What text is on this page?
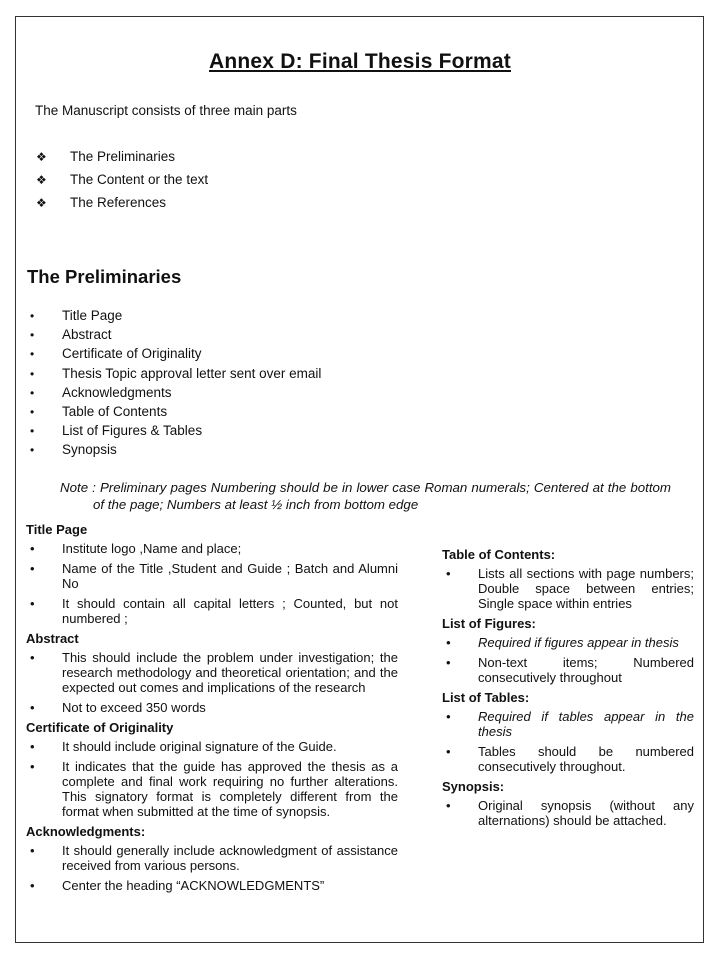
Annex D: Final Thesis Format
The Manuscript consists of three main parts
❖ The Preliminaries
❖ The Content or the text
❖ The References
The Preliminaries
• Title Page
• Abstract
• Certificate of Originality
• Thesis Topic approval letter sent over email
• Acknowledgments
• Table of Contents
• List of Figures & Tables
• Synopsis
Note : Preliminary pages Numbering should be in lower case Roman numerals; Centered at the bottom of the page; Numbers at least ½ inch from bottom edge
Title Page
• Institute logo ,Name and place;
• Name of the Title ,Student and Guide ; Batch and Alumni No
• It should contain all capital letters ; Counted, but not numbered ;
Abstract
• This should include the problem under investigation; the research methodology and theoretical orientation; and the expected out comes and implications of the research
• Not to exceed 350 words
Certificate of Originality
• It should include original signature of the Guide.
• It indicates that the guide has approved the thesis as a complete and final work requiring no further alterations. This signatory format is completely different from the format when submitted at the time of synopsis.
Acknowledgments:
• It should generally include acknowledgment of assistance received from various persons.
• Center the heading “ACKNOWLEDGMENTS”
Table of Contents:
• Lists all sections with page numbers; Double space between entries; Single space within entries
List of Figures:
• Required if figures appear in thesis
• Non-text items; Numbered consecutively throughout
List of Tables:
• Required if tables appear in the thesis
• Tables should be numbered consecutively throughout.
Synopsis:
• Original synopsis (without any alternations) should be attached.
